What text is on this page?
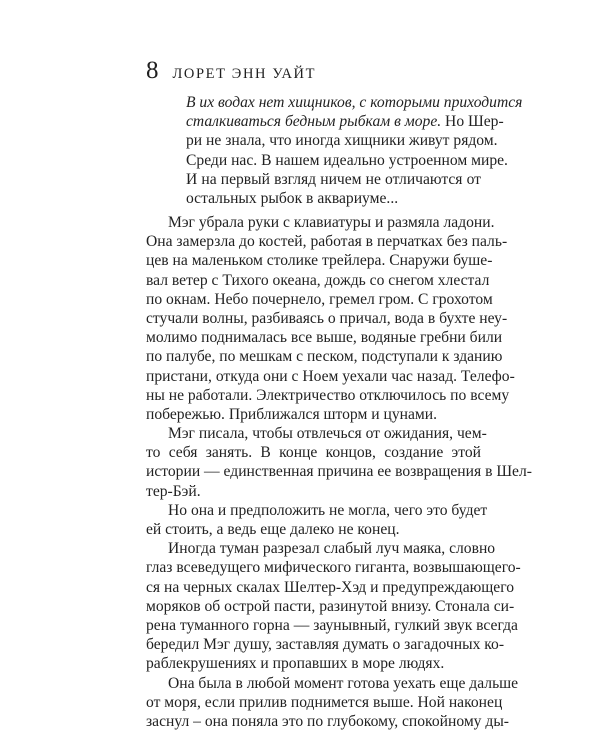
8 ЛОРЕТ ЭНН УАЙТ
В их водах нет хищников, с которыми приходится
сталкиваться бедным рыбкам в море. Но Шер-
ри не знала, что иногда хищники живут рядом.
Среди нас. В нашем идеально устроенном мире.
И на первый взгляд ничем не отличаются от
остальных рыбок в аквариуме...
Мэг убрала руки с клавиатуры и размяла ладони.
Она замерзла до костей, работая в перчатках без паль-
цев на маленьком столике трейлера. Снаружи буше-
вал ветер с Тихого океана, дождь со снегом хлестал
по окнам. Небо почернело, гремел гром. С грохотом
стучали волны, разбиваясь о причал, вода в бухте неу-
молимо поднималась все выше, водяные гребни били
по палубе, по мешкам с песком, подступали к зданию
пристани, откуда они с Ноем уехали час назад. Телефо-
ны не работали. Электричество отключилось по всему
побережью. Приближался шторм и цунами.
Мэг писала, чтобы отвлечься от ожидания, чем-
то себя занять. В конце концов, создание этой
истории — единственная причина ее возвращения в Шел-
тер-Бэй.
Но она и предположить не могла, чего это будет
ей стоить, а ведь еще далеко не конец.
Иногда туман разрезал слабый луч маяка, словно
глаз всеведущего мифического гиганта, возвышающего-
ся на черных скалах Шелтер-Хэд и предупреждающего
моряков об острой пасти, разинутой внизу. Стонала си-
рена туманного горна — заунывный, гулкий звук всегда
бередил Мэг душу, заставляя думать о загадочных ко-
раблекрушениях и пропавших в море людях.
Она была в любой момент готова уехать еще дальше
от моря, если прилив поднимется выше. Ной наконец
заснул – она поняла это по глубокому, спокойному ды-
